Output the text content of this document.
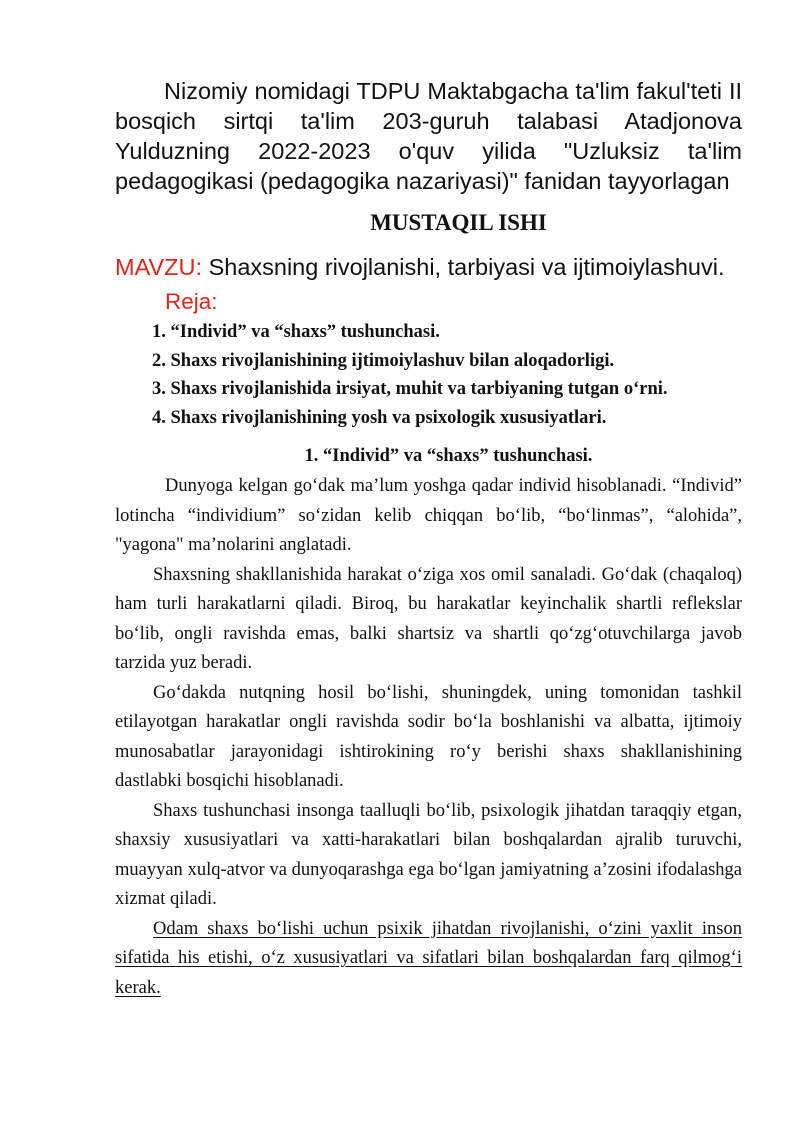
Nizomiy nomidagi TDPU Maktabgacha ta'lim fakul'teti II bosqich sirtqi ta'lim 203-guruh talabasi Atadjonova Yulduzning 2022-2023 o'quv yilida "Uzluksiz ta'lim pedagogikasi (pedagogika nazariyasi)" fanidan tayyorlagan

MUSTAQIL ISHI

MAVZU: Shaxsning rivojlanishi, tarbiyasi va ijtimoiylashuvi.

Reja:
1. “Individ” va “shaxs” tushunchasi.
2. Shaxs rivojlanishining ijtimoiylashuv bilan aloqadorligi.
3. Shaxs rivojlanishida irsiyat, muhit va tarbiyaning tutgan o‘rni.
4. Shaxs rivojlanishining yosh va psixologik xususiyatlari.
1. “Individ” va “shaxs” tushunchasi.

Dunyoga kelgan go‘dak ma’lum yoshga qadar individ hisoblanadi. “Individ” lotincha “individium” so‘zidan kelib chiqqan bo‘lib, “bo‘linmas”, “alohida”, "yagona" ma’nolarini anglatadi.

Shaxsning shakllanishida harakat o‘ziga xos omil sanaladi. Go‘dak (chaqaloq) ham turli harakatlarni qiladi. Biroq, bu harakatlar keyinchalik shartli reflekslar bo‘lib, ongli ravishda emas, balki shartsiz va shartli qo‘zg‘otuvchilarga javob tarzida yuz beradi.

Go‘dakda nutqning hosil bo‘lishi, shuningdek, uning tomonidan tashkil etilayotgan harakatlar ongli ravishda sodir bo‘la boshlanishi va albatta, ijtimoiy munosabatlar jarayonidagi ishtirokining ro‘y berishi shaxs shakllanishining dastlabki bosqichi hisoblanadi.

Shaxs tushunchasi insonga taalluqli bo‘lib, psixologik jihatdan taraqqiy etgan, shaxsiy xususiyatlari va xatti-harakatlari bilan boshqalardan ajralib turuvchi, muayyan xulq-atvor va dunyoqarashga ega bo‘lgan jamiyatning a’zosini ifodalashga xizmat qiladi.

Odam shaxs bo‘lishi uchun psixik jihatdan rivojlanishi, o‘zini yaxlit inson sifatida his etishi, o‘z xususiyatlari va sifatlari bilan boshqalardan farq qilmog‘i kerak.
